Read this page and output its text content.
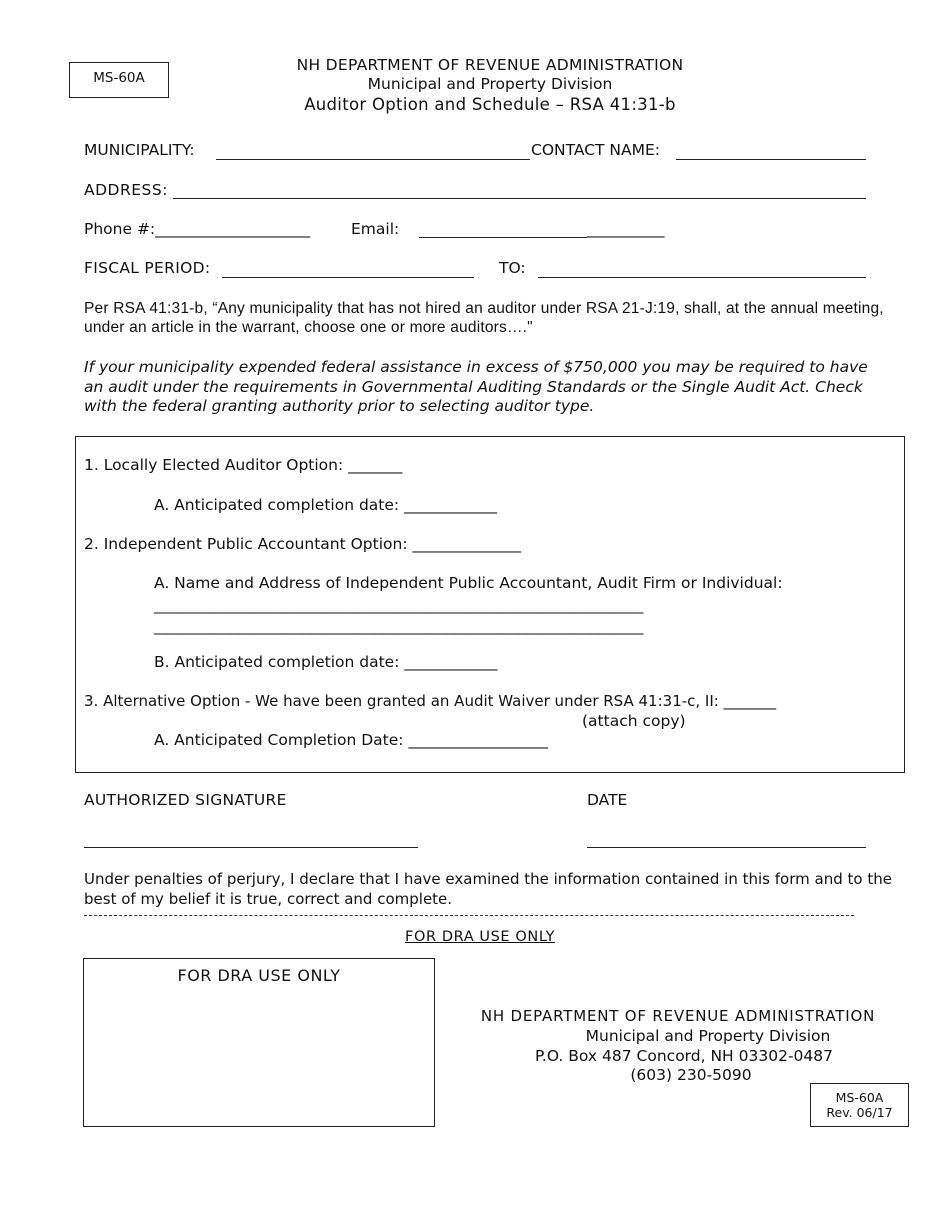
MS-60A
NH DEPARTMENT OF REVENUE ADMINISTRATION
Municipal and Property Division
Auditor Option and Schedule – RSA 41:31-b
MUNICIPALITY:	CONTACT NAME:
ADDRESS:
Phone #:____________________	Email:	__________
FISCAL PERIOD:	TO:
Per RSA 41:31-b, “Any municipality that has not hired an auditor under RSA 21-J:19, shall, at the annual meeting, under an article in the warrant, choose one or more auditors…."
If your municipality expended federal assistance in excess of $750,000 you may be required to have an audit under the requirements in Governmental Auditing Standards or the Single Audit Act. Check with the federal granting authority prior to selecting auditor type.
1. Locally Elected Auditor Option: _______
A. Anticipated completion date: ____________
2. Independent Public Accountant Option: ______________
A. Name and Address of Independent Public Accountant, Audit Firm or Individual:
____________________________________________________________________
____________________________________________________________________
B. Anticipated completion date: ____________
3. Alternative Option - We have been granted an Audit Waiver under RSA 41:31-c, II: _______
(attach copy)
A. Anticipated Completion Date: __________________
AUTHORIZED SIGNATURE	DATE
Under penalties of perjury, I declare that I have examined the information contained in this form and to the best of my belief it is true, correct and complete.
FOR DRA USE ONLY
FOR DRA USE ONLY
NH DEPARTMENT OF REVENUE ADMINISTRATION
Municipal and Property Division
P.O. Box 487 Concord, NH 03302-0487
(603) 230-5090
MS-60A
Rev. 06/17
